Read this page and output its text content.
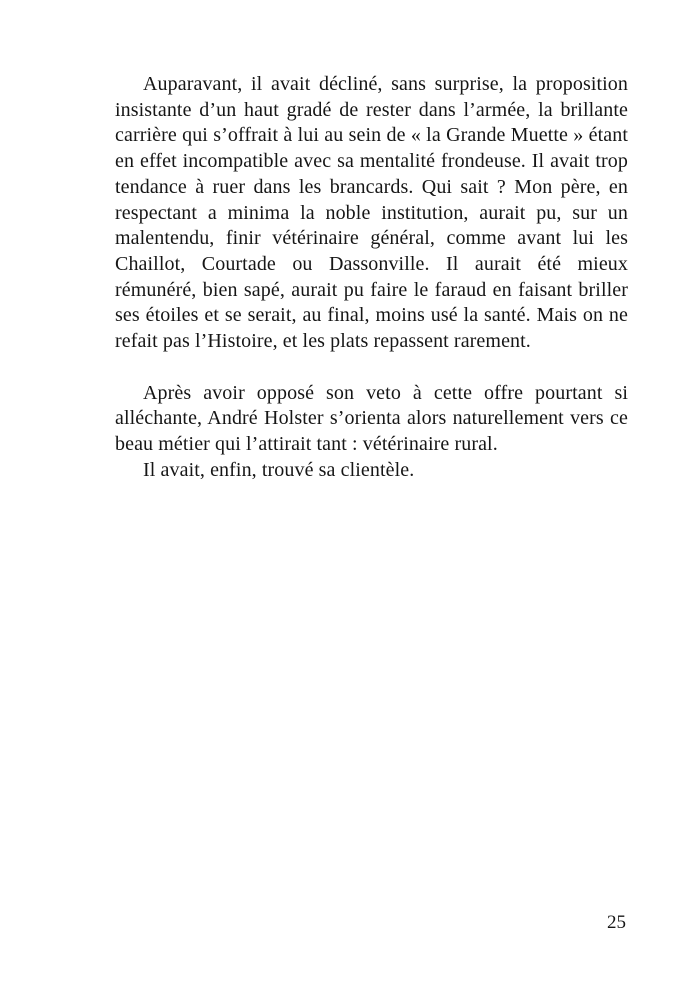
Auparavant, il avait décliné, sans surprise, la proposition insistante d’un haut gradé de rester dans l’armée, la brillante carrière qui s’offrait à lui au sein de « la Grande Muette » étant en effet incompatible avec sa mentalité frondeuse. Il avait trop tendance à ruer dans les brancards. Qui sait ? Mon père, en respectant a minima la noble institution, aurait pu, sur un malentendu, finir vétérinaire général, comme avant lui les Chaillot, Courtade ou Dassonville. Il aurait été mieux rémunéré, bien sapé, aurait pu faire le faraud en faisant briller ses étoiles et se serait, au final, moins usé la santé. Mais on ne refait pas l’Histoire, et les plats repassent rarement.

Après avoir opposé son veto à cette offre pourtant si alléchante, André Holster s’orienta alors naturellement vers ce beau métier qui l’attirait tant : vétérinaire rural.

Il avait, enfin, trouvé sa clientèle.

25
